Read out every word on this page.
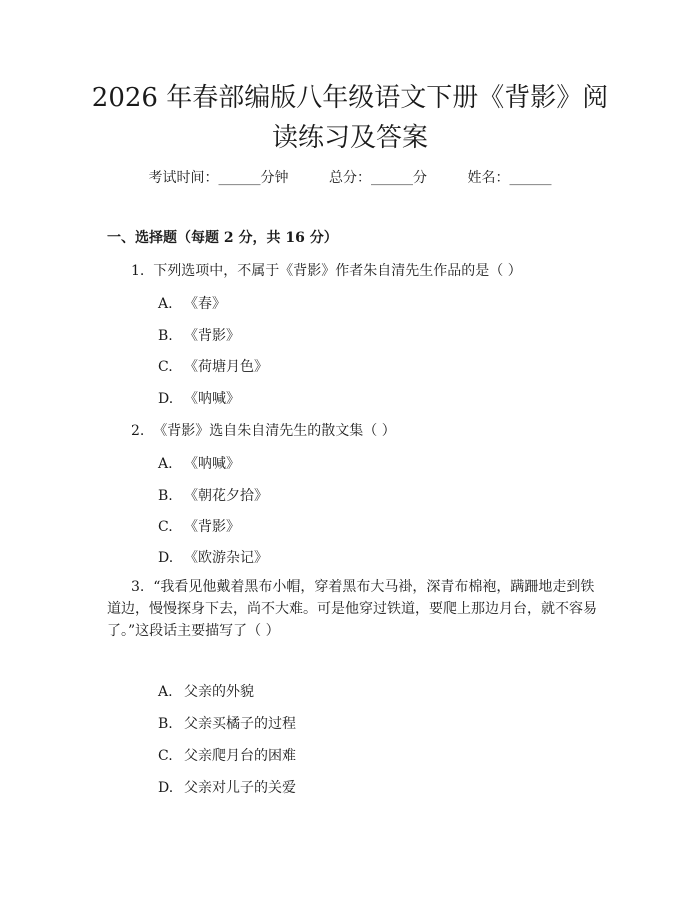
2026 年春部编版八年级语文下册《背影》阅
读练习及答案
考试时间：______分钟	总分：______分	姓名：______
一、选择题（每题 2 分，共 16 分）
1. 下列选项中，不属于《背影》作者朱自清先生作品的是（ ）
A. 《春》
B. 《背影》
C. 《荷塘月色》
D. 《呐喊》
2. 《背影》选自朱自清先生的散文集（ ）
A. 《呐喊》
B. 《朝花夕拾》
C. 《背影》
D. 《欧游杂记》
3. “我看见他戴着黑布小帽，穿着黑布大马褂，深青布棉袍，蹒跚地走到铁道边，慢慢探身下去，尚不大难。可是他穿过铁道，要爬上那边月台，就不容易了。”这段话主要描写了（ ）
A. 父亲的外貌
B. 父亲买橘子的过程
C. 父亲爬月台的困难
D. 父亲对儿子的关爱
